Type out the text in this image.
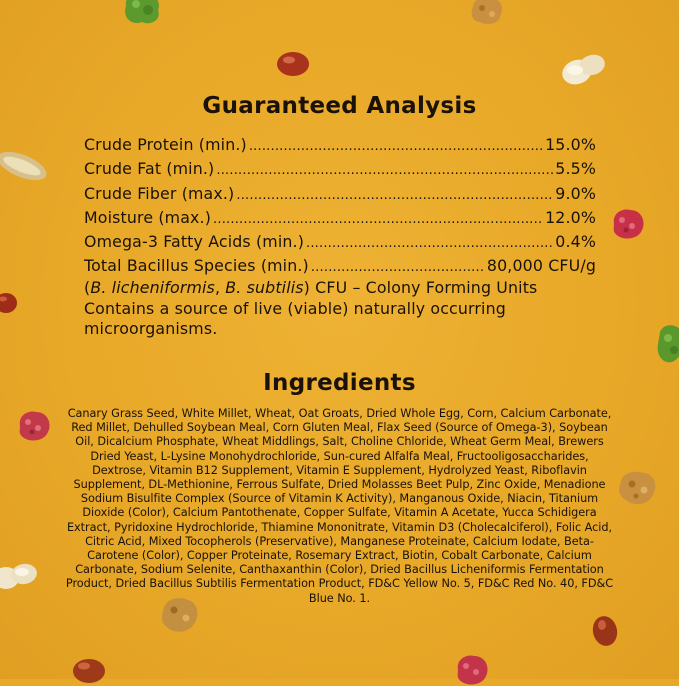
Guaranteed Analysis
Crude Protein (min.) .....	15.0%
Crude Fat (min.) .....	5.5%
Crude Fiber (max.) .....	9.0%
Moisture (max.) .....	12.0%
Omega-3 Fatty Acids (min.) .....	0.4%
Total Bacillus Species (min.) .....	80,000 CFU/g
(B. licheniformis, B. subtilis) CFU – Colony Forming Units Contains a source of live (viable) naturally occurring microorganisms.
Ingredients
Canary Grass Seed, White Millet, Wheat, Oat Groats, Dried Whole Egg, Corn, Calcium Carbonate, Red Millet, Dehulled Soybean Meal, Corn Gluten Meal, Flax Seed (Source of Omega-3), Soybean Oil, Dicalcium Phosphate, Wheat Middlings, Salt, Choline Chloride, Wheat Germ Meal, Brewers Dried Yeast, L-Lysine Monohydrochloride, Sun-cured Alfalfa Meal, Fructooligosaccharides, Dextrose, Vitamin B12 Supplement, Vitamin E Supplement, Hydrolyzed Yeast, Riboflavin Supplement, DL-Methionine, Ferrous Sulfate, Dried Molasses Beet Pulp, Zinc Oxide, Menadione Sodium Bisulfite Complex (Source of Vitamin K Activity), Manganous Oxide, Niacin, Titanium Dioxide (Color), Calcium Pantothenate, Copper Sulfate, Vitamin A Acetate, Yucca Schidigera Extract, Pyridoxine Hydrochloride, Thiamine Mononitrate, Vitamin D3 (Cholecalciferol), Folic Acid, Citric Acid, Mixed Tocopherols (Preservative), Manganese Proteinate, Calcium Iodate, Beta-Carotene (Color), Copper Proteinate, Rosemary Extract, Biotin, Cobalt Carbonate, Calcium Carbonate, Sodium Selenite, Canthaxanthin (Color), Dried Bacillus Licheniformis Fermentation Product, Dried Bacillus Subtilis Fermentation Product, FD&C Yellow No. 5, FD&C Red No. 40, FD&C Blue No. 1.
